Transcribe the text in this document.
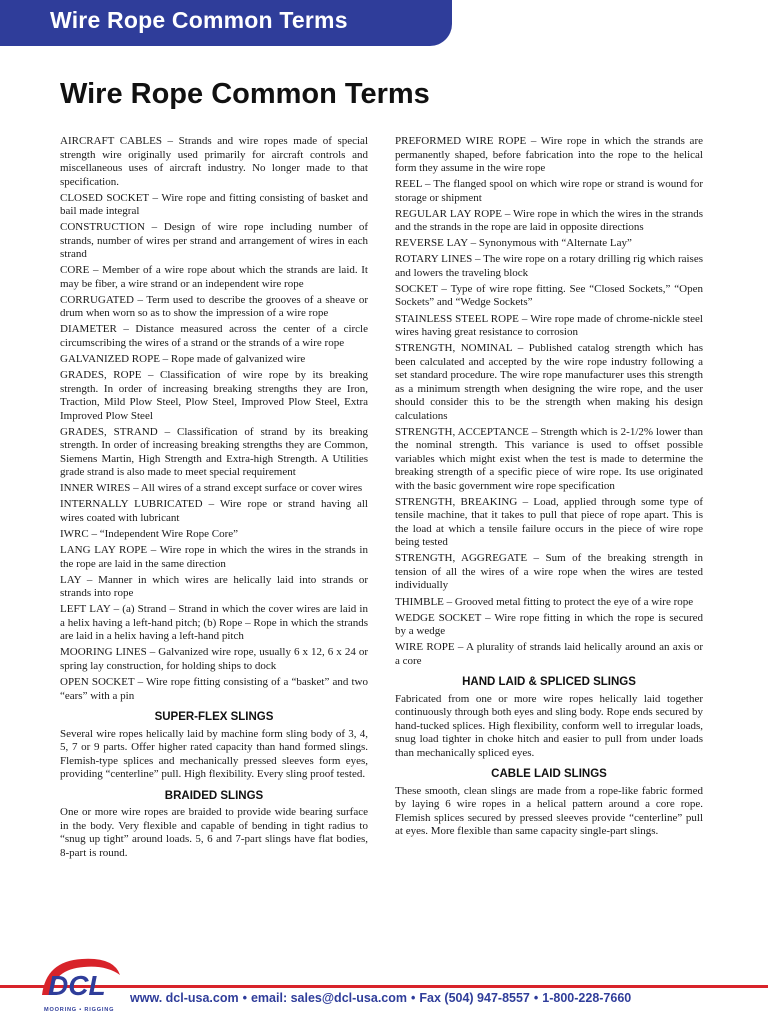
Wire Rope Common Terms
Wire Rope Common Terms

AIRCRAFT CABLES – Strands and wire ropes made of special strength wire originally used primarily for aircraft controls and miscellaneous uses of aircraft industry. No longer made to that specification.

CLOSED SOCKET – Wire rope and fitting consisting of basket and bail made integral

CONSTRUCTION – Design of wire rope including number of strands, number of wires per strand and arrangement of wires in each strand

CORE – Member of a wire rope about which the strands are laid. It may be fiber, a wire strand or an independent wire rope

CORRUGATED – Term used to describe the grooves of a sheave or drum when worn so as to show the impression of a wire rope

DIAMETER – Distance measured across the center of a circle circumscribing the wires of a strand or the strands of a wire rope

GALVANIZED ROPE – Rope made of galvanized wire

GRADES, ROPE – Classification of wire rope by its breaking strength. In order of increasing breaking strengths they are Iron, Traction, Mild Plow Steel, Plow Steel, Improved Plow Steel, Extra Improved Plow Steel

GRADES, STRAND – Classification of strand by its breaking strength. In order of increasing breaking strengths they are Common, Siemens Martin, High Strength and Extra-high Strength. A Utilities grade strand is also made to meet special requirement

INNER WIRES – All wires of a strand except surface or cover wires

INTERNALLY LUBRICATED – Wire rope or strand having all wires coated with lubricant

IWRC – “Independent Wire Rope Core”

LANG LAY ROPE – Wire rope in which the wires in the strands in the rope are laid in the same direction

LAY – Manner in which wires are helically laid into strands or strands into rope

LEFT LAY – (a) Strand – Strand in which the cover wires are laid in a helix having a left-hand pitch; (b) Rope – Rope in which the strands are laid in a helix having a left-hand pitch

MOORING LINES – Galvanized wire rope, usually 6 x 12, 6 x 24 or spring lay construction, for holding ships to dock

OPEN SOCKET – Wire rope fitting consisting of a “basket” and two “ears” with a pin

SUPER-FLEX SLINGS

Several wire ropes helically laid by machine form sling body of 3, 4, 5, 7 or 9 parts. Offer higher rated capacity than hand formed slings. Flemish-type splices and mechanically pressed sleeves form eyes, providing “centerline” pull. High flexibility. Every sling proof tested.

BRAIDED SLINGS

One or more wire ropes are braided to provide wide bearing surface in the body. Very flexible and capable of bending in tight radius to “snug up tight” around loads. 5, 6 and 7-part slings have flat bodies, 8-part is round.

PREFORMED WIRE ROPE – Wire rope in which the strands are permanently shaped, before fabrication into the rope to the helical form they assume in the wire rope

REEL – The flanged spool on which wire rope or strand is wound for storage or shipment

REGULAR LAY ROPE – Wire rope in which the wires in the strands and the strands in the rope are laid in opposite directions

REVERSE LAY – Synonymous with “Alternate Lay”

ROTARY LINES – The wire rope on a rotary drilling rig which raises and lowers the traveling block

SOCKET – Type of wire rope fitting. See “Closed Sockets,” “Open Sockets” and “Wedge Sockets”

STAINLESS STEEL ROPE – Wire rope made of chrome-nickle steel wires having great resistance to corrosion

STRENGTH, NOMINAL – Published catalog strength which has been calculated and accepted by the wire rope industry following a set standard procedure. The wire rope manufacturer uses this strength as a minimum strength when designing the wire rope, and the user should consider this to be the strength when making his design calculations

STRENGTH, ACCEPTANCE – Strength which is 2-1/2% lower than the nominal strength. This variance is used to offset possible variables which might exist when the test is made to determine the breaking strength of a specific piece of wire rope. Its use originated with the basic government wire rope specification

STRENGTH, BREAKING – Load, applied through some type of tensile machine, that it takes to pull that piece of rope apart. This is the load at which a tensile failure occurs in the piece of wire rope being tested

STRENGTH, AGGREGATE – Sum of the breaking strength in tension of all the wires of a wire rope when the wires are tested individually

THIMBLE – Grooved metal fitting to protect the eye of a wire rope

WEDGE SOCKET – Wire rope fitting in which the rope is secured by a wedge

WIRE ROPE – A plurality of strands laid helically around an axis or a core

HAND LAID & SPLICED SLINGS

Fabricated from one or more wire ropes helically laid together continuously through both eyes and sling body. Rope ends secured by hand-tucked splices. High flexibility, conform well to irregular loads, snug load tighter in choke hitch and easier to pull from under loads than mechanically spliced eyes.

CABLE LAID SLINGS

These smooth, clean slings are made from a rope-like fabric formed by laying 6 wire ropes in a helical pattern around a core rope. Flemish splices secured by pressed sleeves provide “centerline” pull at eyes. More flexible than same capacity single-part slings.

DCL
MOORING • RIGGING
www. dcl-usa.com • email: sales@dcl-usa.com • Fax (504) 947-8557 • 1-800-228-7660
